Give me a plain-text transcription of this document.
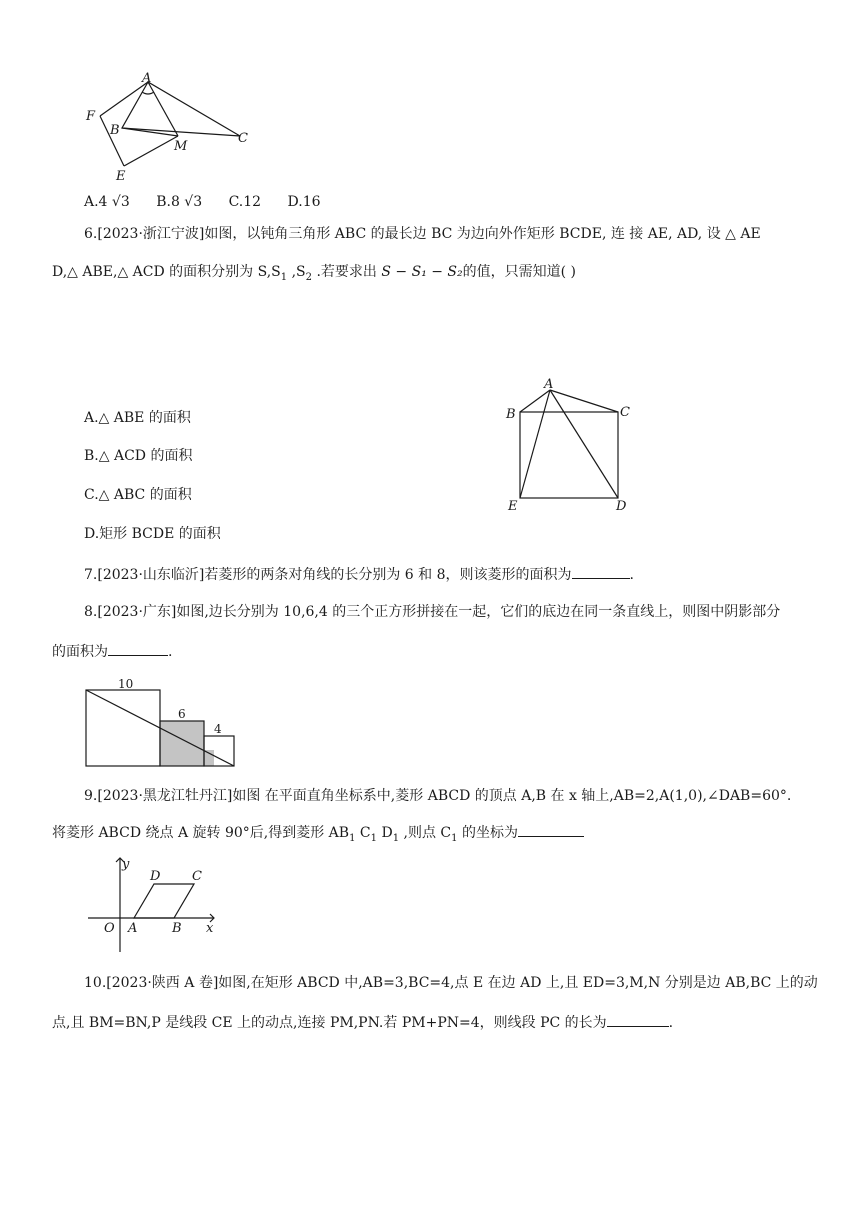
A
F
B
M
C
E
A.4 √3 B.8 √3 C.12 D.16
6.[2023·浙江宁波]如图，以钝角三角形 ABC 的最长边 BC 为边向外作矩形 BCDE, 连 接 AE, AD, 设 △ AE
D,△ ABE,△ ACD 的面积分别为 $S,S_1$ $,S_2$ .若要求出 S − S₁ − S₂的值，只需知道( )
A.△ ABE 的面积
B.△ ACD 的面积
C.△ ABC 的面积
D.矩形 BCDE 的面积
A
B	C
E	D
7.[2023·山东临沂]若菱形的两条对角线的长分别为 6 和 8，则该菱形的面积为	.
8.[2023·广东]如图,边长分别为 10,6,4 的三个正方形拼接在一起，它们的底边在同一条直线上，则图中阴影部分
的面积为	.
10
6
4
9.[2023·黑龙江牡丹江]如图 在平面直角坐标系中,菱形 ABCD 的顶点 A,B 在 x 轴上,AB=2,A(1,0),∠DAB=60°.
将菱形 ABCD 绕点 A 旋转 90°后,得到菱形 $AB_1$ $C_1$ $D_1$ ,则点 $C_1$ 的坐标为
y
D C
O A	B x
10.[2023·陕西 A 卷]如图,在矩形 ABCD 中,AB=3,BC=4,点 E 在边 AD 上,且 ED=3,M,N 分别是边 AB,BC 上的动
点,且 BM=BN,P 是线段 CE 上的动点,连接 PM,PN.若 PM+PN=4，则线段 PC 的长为	.
